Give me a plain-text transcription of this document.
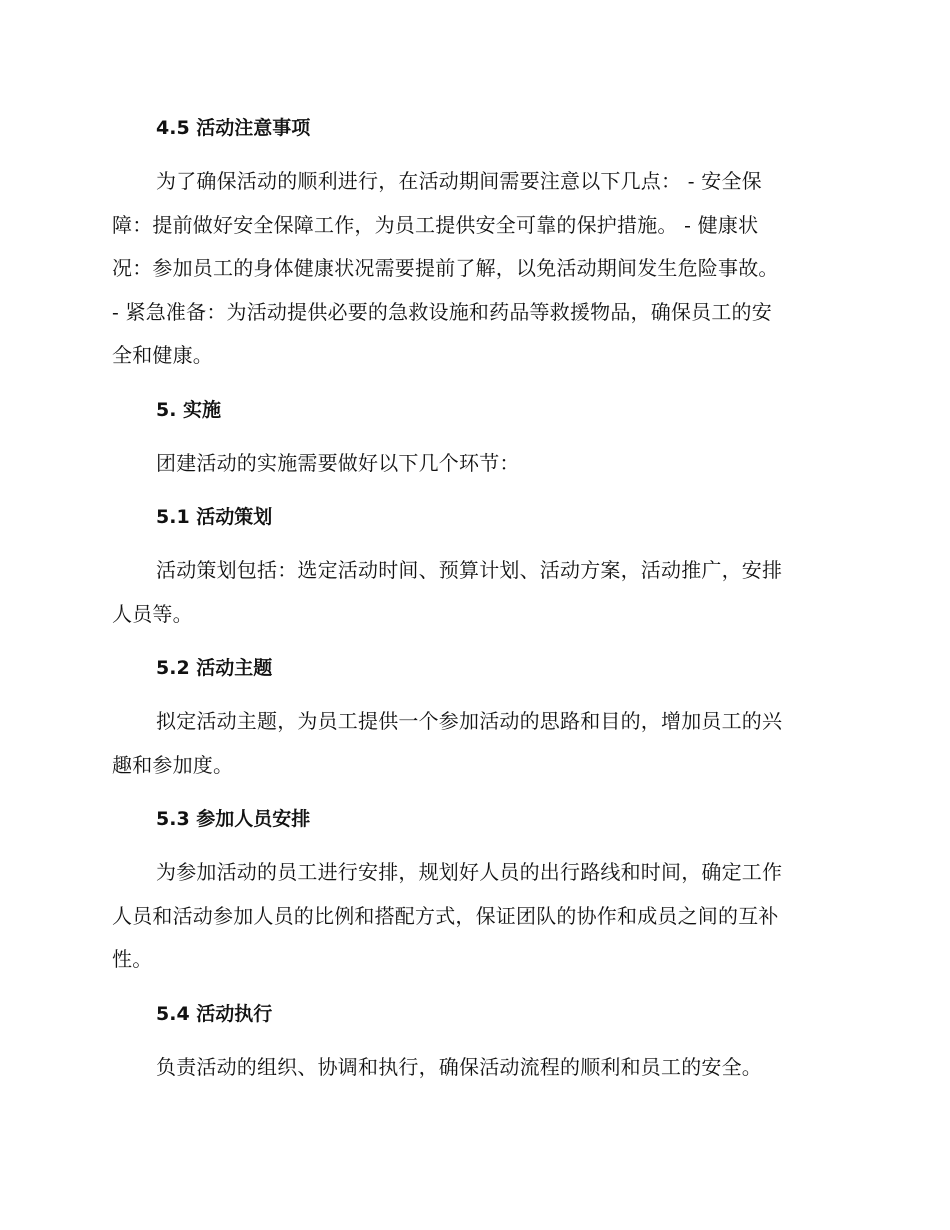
4.5 活动注意事项
为了确保活动的顺利进行，在活动期间需要注意以下几点： - 安全保
障：提前做好安全保障工作，为员工提供安全可靠的保护措施。 - 健康状
况：参加员工的身体健康状况需要提前了解，以免活动期间发生危险事故。
- 紧急准备：为活动提供必要的急救设施和药品等救援物品，确保员工的安
全和健康。
5. 实施
团建活动的实施需要做好以下几个环节：
5.1 活动策划
活动策划包括：选定活动时间、预算计划、活动方案，活动推广，安排
人员等。
5.2 活动主题
拟定活动主题，为员工提供一个参加活动的思路和目的，增加员工的兴
趣和参加度。
5.3 参加人员安排
为参加活动的员工进行安排，规划好人员的出行路线和时间，确定工作
人员和活动参加人员的比例和搭配方式，保证团队的协作和成员之间的互补
性。
5.4 活动执行
负责活动的组织、协调和执行，确保活动流程的顺利和员工的安全。
